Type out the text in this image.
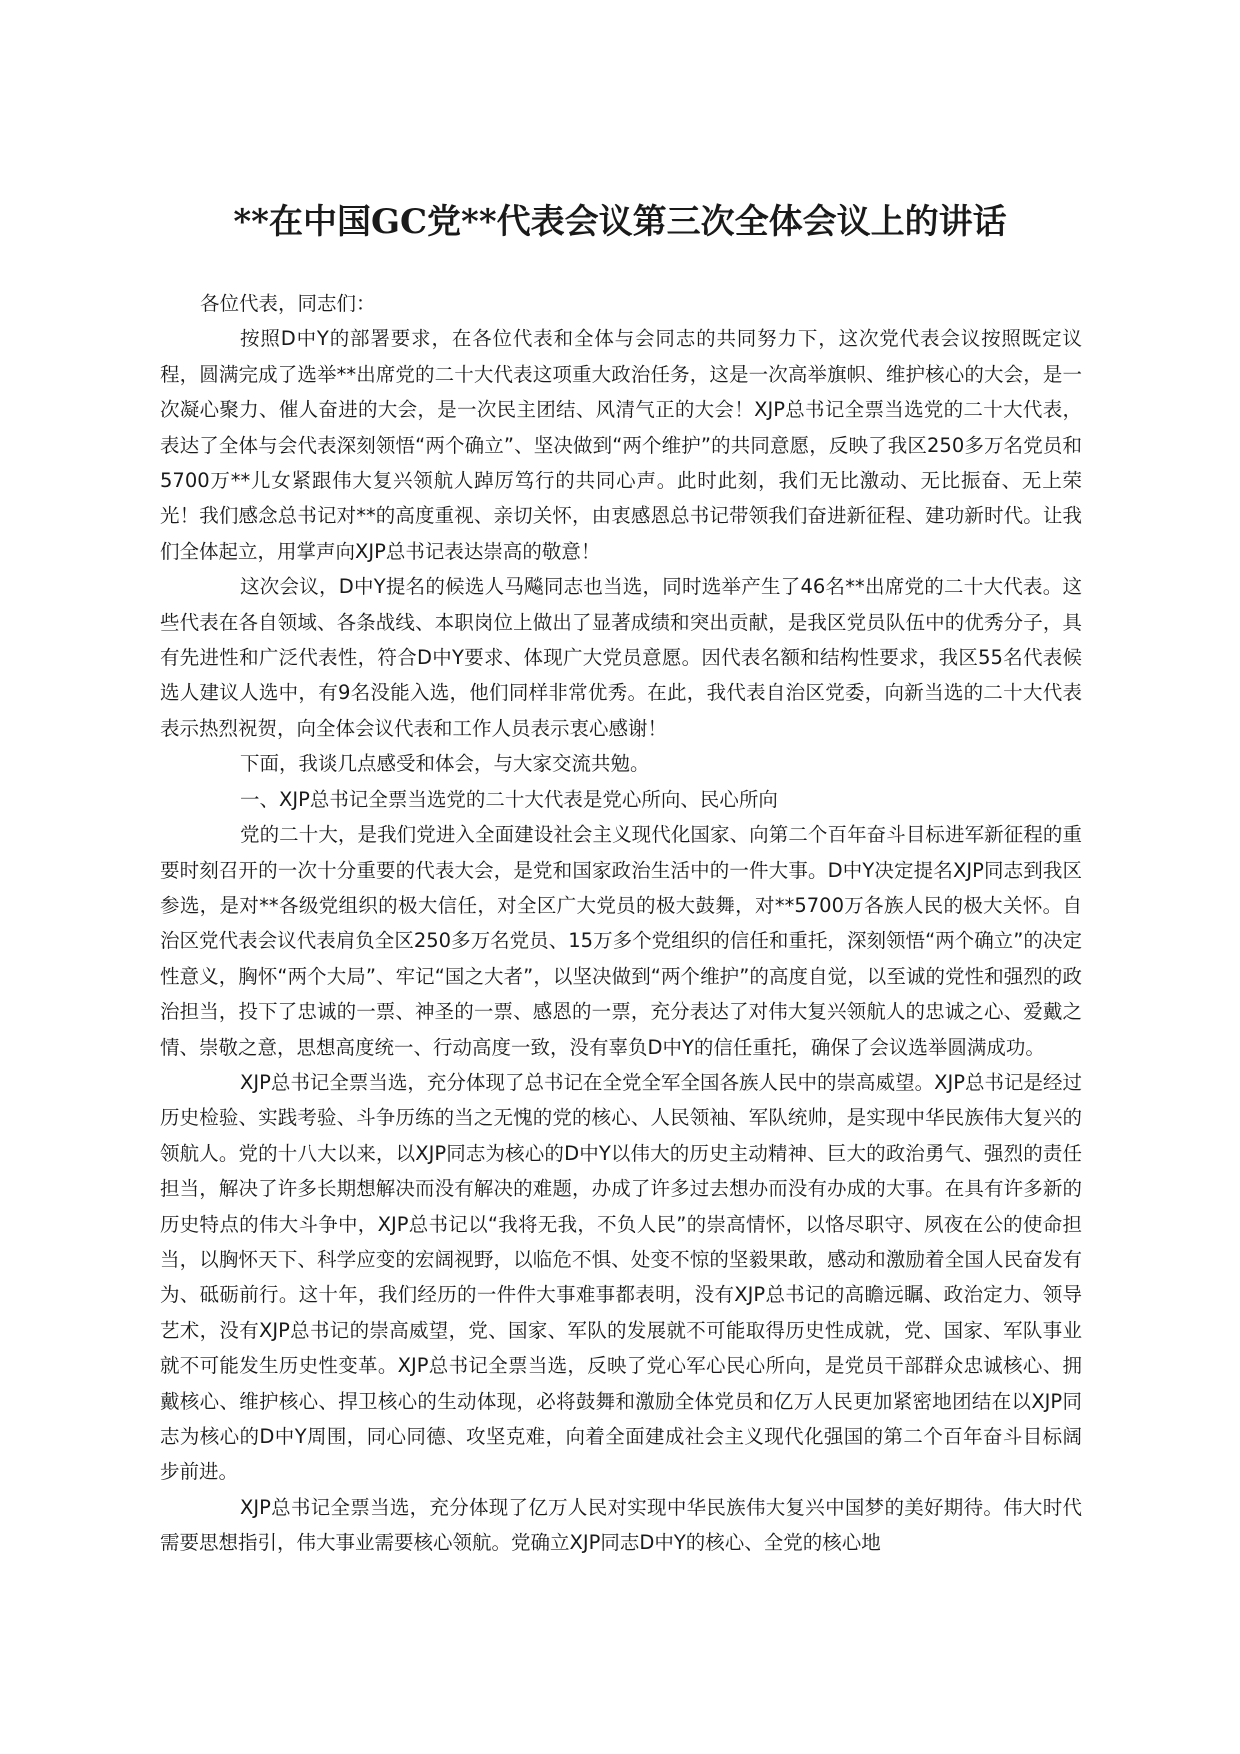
**在中国GC党**代表会议第三次全体会议上的讲话

各位代表，同志们：

按照D中Y的部署要求，在各位代表和全体与会同志的共同努力下，这次党代表会议按照既定议程，圆满完成了选举**出席党的二十大代表这项重大政治任务，这是一次高举旗帜、维护核心的大会，是一次凝心聚力、催人奋进的大会，是一次民主团结、风清气正的大会！XJP总书记全票当选党的二十大代表，表达了全体与会代表深刻领悟“两个确立”、坚决做到“两个维护”的共同意愿，反映了我区250多万名党员和5700万**儿女紧跟伟大复兴领航人踔厉笃行的共同心声。此时此刻，我们无比激动、无比振奋、无上荣光！我们感念总书记对**的高度重视、亲切关怀，由衷感恩总书记带领我们奋进新征程、建功新时代。让我们全体起立，用掌声向XJP总书记表达崇高的敬意！

这次会议，D中Y提名的候选人马飚同志也当选，同时选举产生了46名**出席党的二十大代表。这些代表在各自领域、各条战线、本职岗位上做出了显著成绩和突出贡献，是我区党员队伍中的优秀分子，具有先进性和广泛代表性，符合D中Y要求、体现广大党员意愿。因代表名额和结构性要求，我区55名代表候选人建议人选中，有9名没能入选，他们同样非常优秀。在此，我代表自治区党委，向新当选的二十大代表表示热烈祝贺，向全体会议代表和工作人员表示衷心感谢！

下面，我谈几点感受和体会，与大家交流共勉。

一、XJP总书记全票当选党的二十大代表是党心所向、民心所向

党的二十大，是我们党进入全面建设社会主义现代化国家、向第二个百年奋斗目标进军新征程的重要时刻召开的一次十分重要的代表大会，是党和国家政治生活中的一件大事。D中Y决定提名XJP同志到我区参选，是对**各级党组织的极大信任，对全区广大党员的极大鼓舞，对**5700万各族人民的极大关怀。自治区党代表会议代表肩负全区250多万名党员、15万多个党组织的信任和重托，深刻领悟“两个确立”的决定性意义，胸怀“两个大局”、牢记“国之大者”，以坚决做到“两个维护”的高度自觉，以至诚的党性和强烈的政治担当，投下了忠诚的一票、神圣的一票、感恩的一票，充分表达了对伟大复兴领航人的忠诚之心、爱戴之情、崇敬之意，思想高度统一、行动高度一致，没有辜负D中Y的信任重托，确保了会议选举圆满成功。

XJP总书记全票当选，充分体现了总书记在全党全军全国各族人民中的崇高威望。XJP总书记是经过历史检验、实践考验、斗争历练的当之无愧的党的核心、人民领袖、军队统帅，是实现中华民族伟大复兴的领航人。党的十八大以来，以XJP同志为核心的D中Y以伟大的历史主动精神、巨大的政治勇气、强烈的责任担当，解决了许多长期想解决而没有解决的难题，办成了许多过去想办而没有办成的大事。在具有许多新的历史特点的伟大斗争中，XJP总书记以“我将无我，不负人民”的崇高情怀，以恪尽职守、夙夜在公的使命担当，以胸怀天下、科学应变的宏阔视野，以临危不惧、处变不惊的坚毅果敢，感动和激励着全国人民奋发有为、砥砺前行。这十年，我们经历的一件件大事难事都表明，没有XJP总书记的高瞻远瞩、政治定力、领导艺术，没有XJP总书记的崇高威望，党、国家、军队的发展就不可能取得历史性成就，党、国家、军队事业就不可能发生历史性变革。XJP总书记全票当选，反映了党心军心民心所向，是党员干部群众忠诚核心、拥戴核心、维护核心、捍卫核心的生动体现，必将鼓舞和激励全体党员和亿万人民更加紧密地团结在以XJP同志为核心的D中Y周围，同心同德、攻坚克难，向着全面建成社会主义现代化强国的第二个百年奋斗目标阔步前进。

XJP总书记全票当选，充分体现了亿万人民对实现中华民族伟大复兴中国梦的美好期待。伟大时代需要思想指引，伟大事业需要核心领航。党确立XJP同志D中Y的核心、全党的核心地
